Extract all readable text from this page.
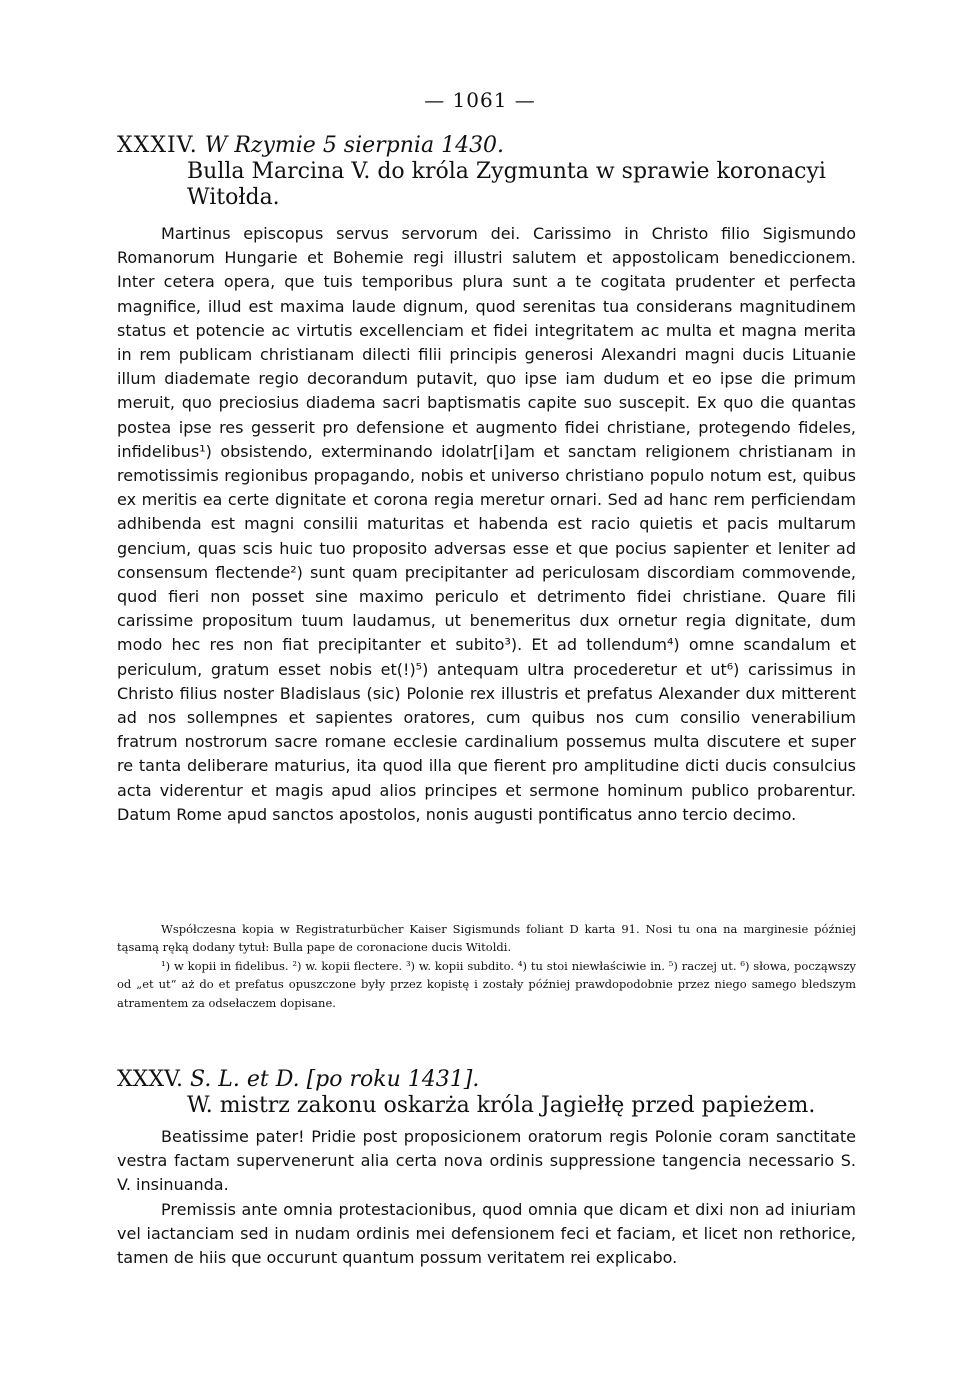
— 1061 —
XXXIV. W Rzymie 5 sierpnia 1430.
Bulla Marcina V. do króla Zygmunta w sprawie koronacyi Witołda.

Martinus episcopus servus servorum dei. Carissimo in Christo filio Sigismundo Romanorum Hungarie et Bohemie regi illustri salutem et appostolicam benediccionem. Inter cetera opera, que tuis temporibus plura sunt a te cogitata prudenter et perfecta magnifice, illud est maxima laude dignum, quod serenitas tua considerans magnitudinem status et potencie ac virtutis excellenciam et fidei integritatem ac multa et magna merita in rem publicam christianam dilecti filii principis generosi Alexandri magni ducis Lituanie illum diademate regio decorandum putavit, quo ipse iam dudum et eo ipse die primum meruit, quo preciosius diadema sacri baptismatis capite suo suscepit. Ex quo die quantas postea ipse res gesserit pro defensione et augmento fidei christiane, protegendo fideles, infidelibus¹) obsistendo, exterminando idolatr[i]am et sanctam religionem christianam in remotissimis regionibus propagando, nobis et universo christiano populo notum est, quibus ex meritis ea certe dignitate et corona regia meretur ornari. Sed ad hanc rem perficiendam adhibenda est magni consilii maturitas et habenda est racio quietis et pacis multarum gencium, quas scis huic tuo proposito adversas esse et que pocius sapienter et leniter ad consensum flectende²) sunt quam precipitanter ad periculosam discordiam commovende, quod fieri non posset sine maximo periculo et detrimento fidei christiane. Quare fili carissime propositum tuum laudamus, ut benemeritus dux ornetur regia dignitate, dum modo hec res non fiat precipitanter et subito³). Et ad tollendum⁴) omne scandalum et periculum, gratum esset nobis et(!)⁵) antequam ultra procederetur et ut⁶) carissimus in Christo filius noster Bladislaus (sic) Polonie rex illustris et prefatus Alexander dux mitterent ad nos sollempnes et sapientes oratores, cum quibus nos cum consilio venerabilium fratrum nostrorum sacre romane ecclesie cardinalium possemus multa discutere et super re tanta deliberare maturius, ita quod illa que fierent pro amplitudine dicti ducis consulcius acta viderentur et magis apud alios principes et sermone hominum publico probarentur. Datum Rome apud sanctos apostolos, nonis augusti pontificatus anno tercio decimo.

Współczesna kopia w Registraturbücher Kaiser Sigismunds foliant D karta 91. Nosi tu ona na marginesie później tąsamą ręką dodany tytuł: Bulla pape de coronacione ducis Witoldi.

¹) w kopii in fidelibus. ²) w. kopii flectere. ³) w. kopii subdito. ⁴) tu stoi niewłaściwie in. ⁵) raczej ut. ⁶) słowa, począwszy od „et ut“ aż do et prefatus opuszczone były przez kopistę i zostały później prawdopodobnie przez niego samego bledszym atramentem za odsełaczem dopisane.

XXXV. S. L. et D. [po roku 1431].
W. mistrz zakonu oskarża króla Jagiełłę przed papieżem.

Beatissime pater! Pridie post proposicionem oratorum regis Polonie coram sanctitate vestra factam supervenerunt alia certa nova ordinis suppressione tangencia necessario S. V. insinuanda.

Premissis ante omnia protestacionibus, quod omnia que dicam et dixi non ad iniuriam vel iactanciam sed in nudam ordinis mei defensionem feci et faciam, et licet non rethorice, tamen de hiis que occurunt quantum possum veritatem rei explicabo.
